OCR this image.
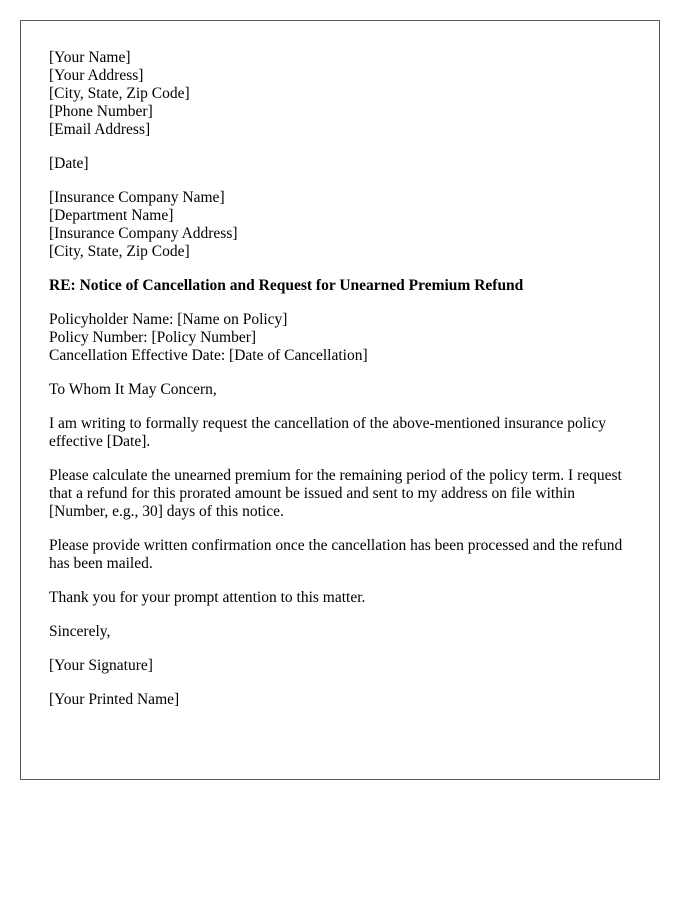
[Your Name]
[Your Address]
[City, State, Zip Code]
[Phone Number]
[Email Address]
[Date]
[Insurance Company Name]
[Department Name]
[Insurance Company Address]
[City, State, Zip Code]

RE: Notice of Cancellation and Request for Unearned Premium Refund

Policyholder Name: [Name on Policy]
Policy Number: [Policy Number]
Cancellation Effective Date: [Date of Cancellation]

To Whom It May Concern,

I am writing to formally request the cancellation of the above-mentioned insurance policy effective [Date].

Please calculate the unearned premium for the remaining period of the policy term. I request that a refund for this prorated amount be issued and sent to my address on file within [Number, e.g., 30] days of this notice.

Please provide written confirmation once the cancellation has been processed and the refund has been mailed.

Thank you for your prompt attention to this matter.

Sincerely,

[Your Signature]

[Your Printed Name]
